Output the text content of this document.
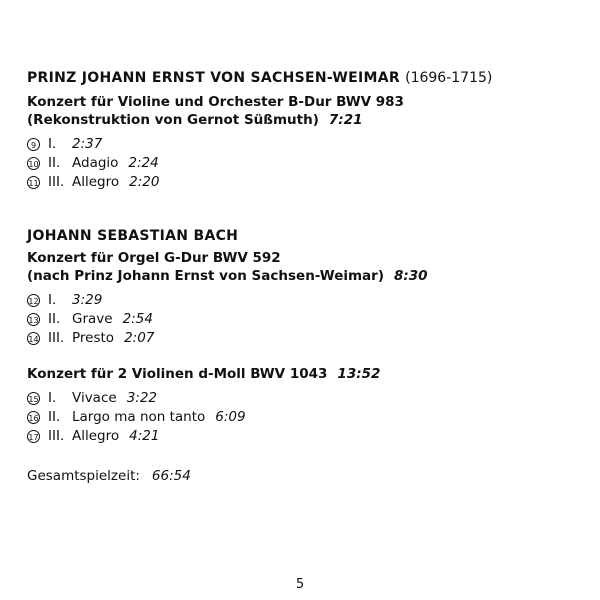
PRINZ JOHANN ERNST VON SACHSEN-WEIMAR (1696-1715)
Konzert für Violine und Orchester B-Dur BWV 983
(Rekonstruktion von Gernot Süßmuth) 7:21
9 I.	2:37
10 II. Adagio 2:24
11 III. Allegro 2:20
JOHANN SEBASTIAN BACH
Konzert für Orgel G-Dur BWV 592
(nach Prinz Johann Ernst von Sachsen-Weimar) 8:30
12 I.	3:29
13 II. Grave 2:54
14 III. Presto 2:07
Konzert für 2 Violinen d-Moll BWV 1043 13:52
15 I.	Vivace 3:22
16 II. Largo ma non tanto 6:09
17 III. Allegro 4:21
Gesamtspielzeit: 66:54
5
